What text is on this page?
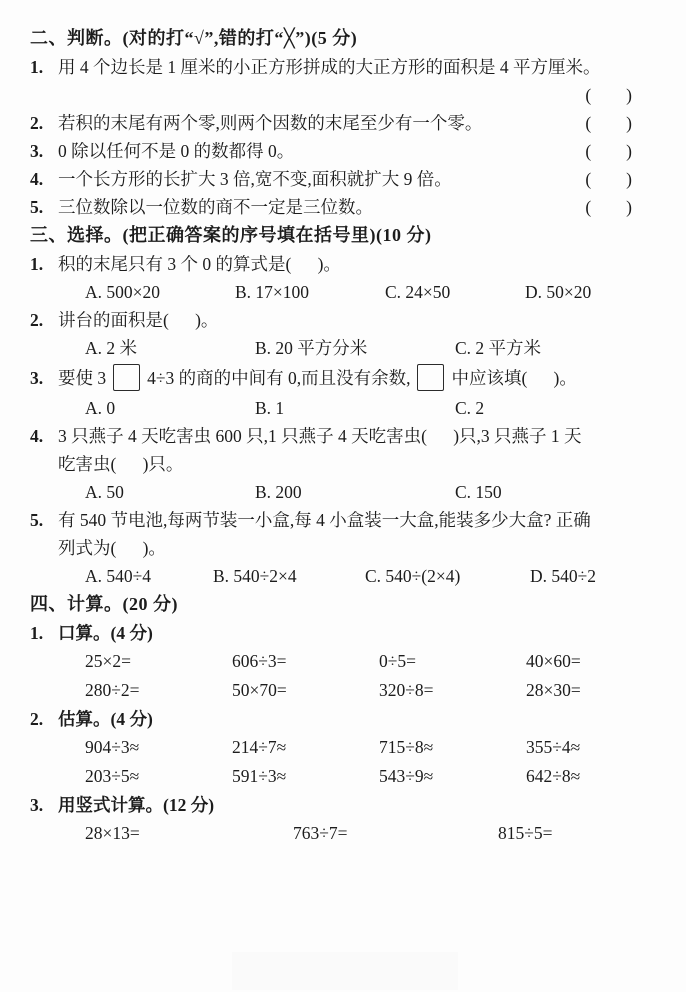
二、判断。(对的打“√”,错的打“╳”)(5 分)
1. 用 4 个边长是 1 厘米的小正方形拼成的大正方形的面积是 4 平方厘米。
(        )
2. 若积的末尾有两个零,则两个因数的末尾至少有一个零。	(        )
3. 0 除以任何不是 0 的数都得 0。	(        )
4. 一个长方形的长扩大 3 倍,宽不变,面积就扩大 9 倍。	(        )
5. 三位数除以一位数的商不一定是三位数。	(        )
三、选择。(把正确答案的序号填在括号里)(10 分)
1. 积的末尾只有 3 个 0 的算式是(      )。
A. 500×20	B. 17×100	C. 24×50	D. 50×20
2. 讲台的面积是(      )。
A. 2 米	B. 20 平方分米	C. 2 平方米
3. 要使 3 4÷3 的商的中间有 0,而且没有余数, 中应该填(      )。
A. 0	B. 1	C. 2
4. 3 只燕子 4 天吃害虫 600 只,1 只燕子 4 天吃害虫(      )只,3 只燕子 1 天
吃害虫(      )只。
A. 50	B. 200	C. 150
5. 有 540 节电池,每两节装一小盒,每 4 小盒装一大盒,能装多少大盒? 正确
列式为(      )。
A. 540÷4	B. 540÷2×4	C. 540÷(2×4)	D. 540÷2
四、计算。(20 分)
1. 口算。(4 分)
25×2=	606÷3=	0÷5=	40×60=
280÷2=	50×70=	320÷8=	28×30=
2. 估算。(4 分)
904÷3≈	214÷7≈	715÷8≈	355÷4≈
203÷5≈	591÷3≈	543÷9≈	642÷8≈
3. 用竖式计算。(12 分)
28×13=	763÷7=	815÷5=
